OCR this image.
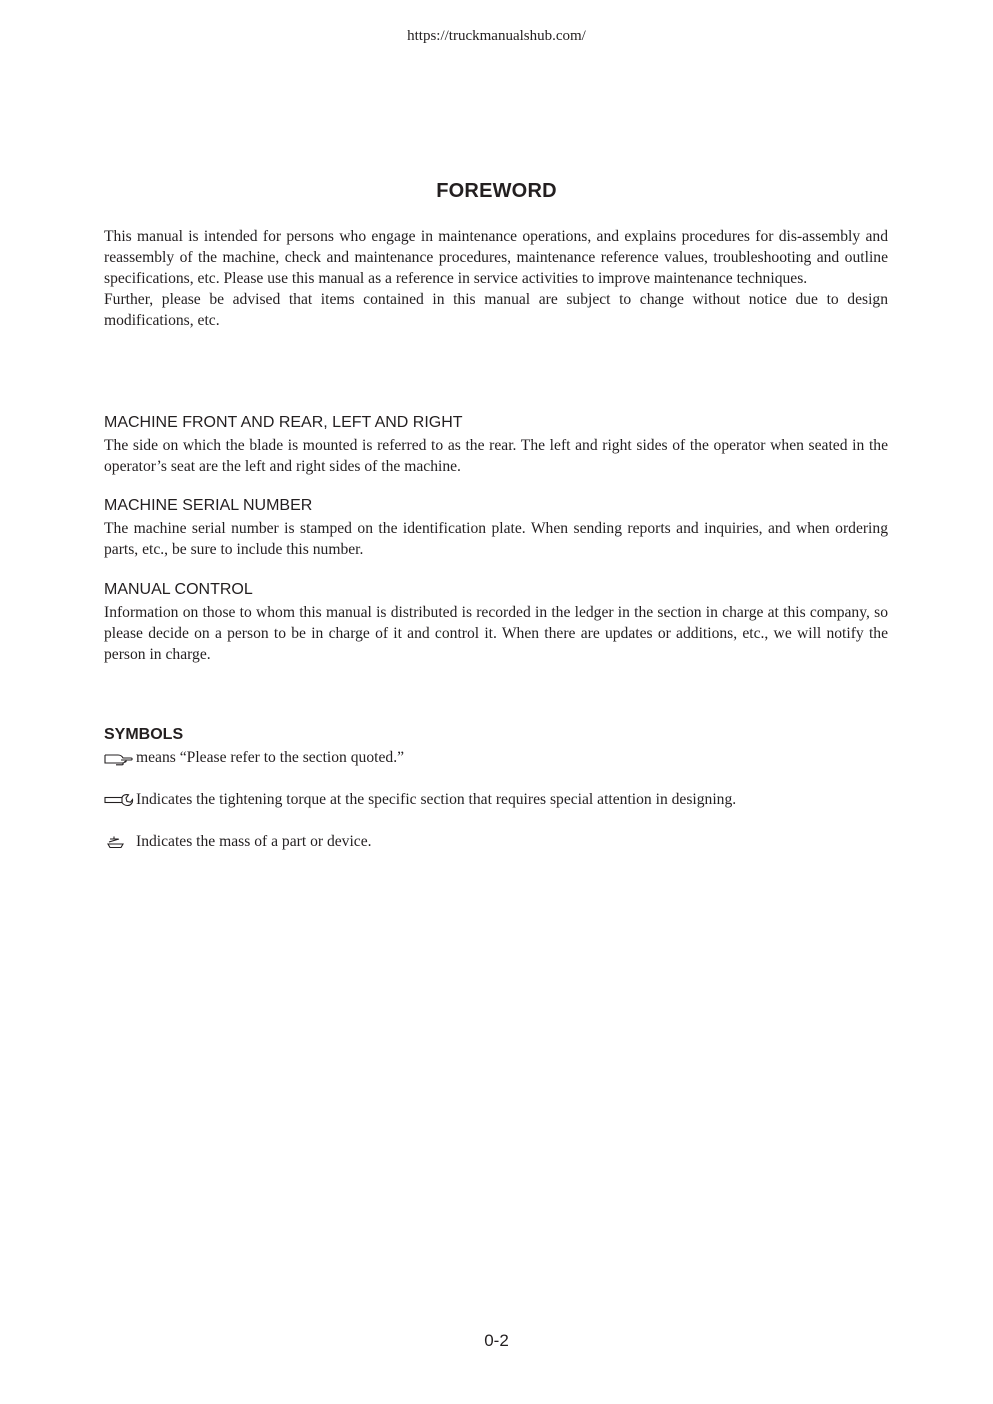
https://truckmanualshub.com/
FOREWORD

This manual is intended for persons who engage in maintenance operations, and explains procedures for dis-assembly and reassembly of the machine, check and maintenance procedures, maintenance reference values, troubleshooting and outline specifications, etc. Please use this manual as a reference in service activities to improve maintenance techniques.

Further, please be advised that items contained in this manual are subject to change without notice due to design modifications, etc.

MACHINE FRONT AND REAR, LEFT AND RIGHT

The side on which the blade is mounted is referred to as the rear. The left and right sides of the operator when seated in the operator’s seat are the left and right sides of the machine.

MACHINE SERIAL NUMBER

The machine serial number is stamped on the identification plate. When sending reports and inquiries, and when ordering parts, etc., be sure to include this number.

MANUAL CONTROL

Information on those to whom this manual is distributed is recorded in the ledger in the section in charge at this company, so please decide on a person to be in charge of it and control it. When there are updates or additions, etc., we will notify the person in charge.

SYMBOLS

means “Please refer to the section quoted.”
Indicates the tightening torque at the specific section that requires special attention in designing.
Indicates the mass of a part or device.
0-2
